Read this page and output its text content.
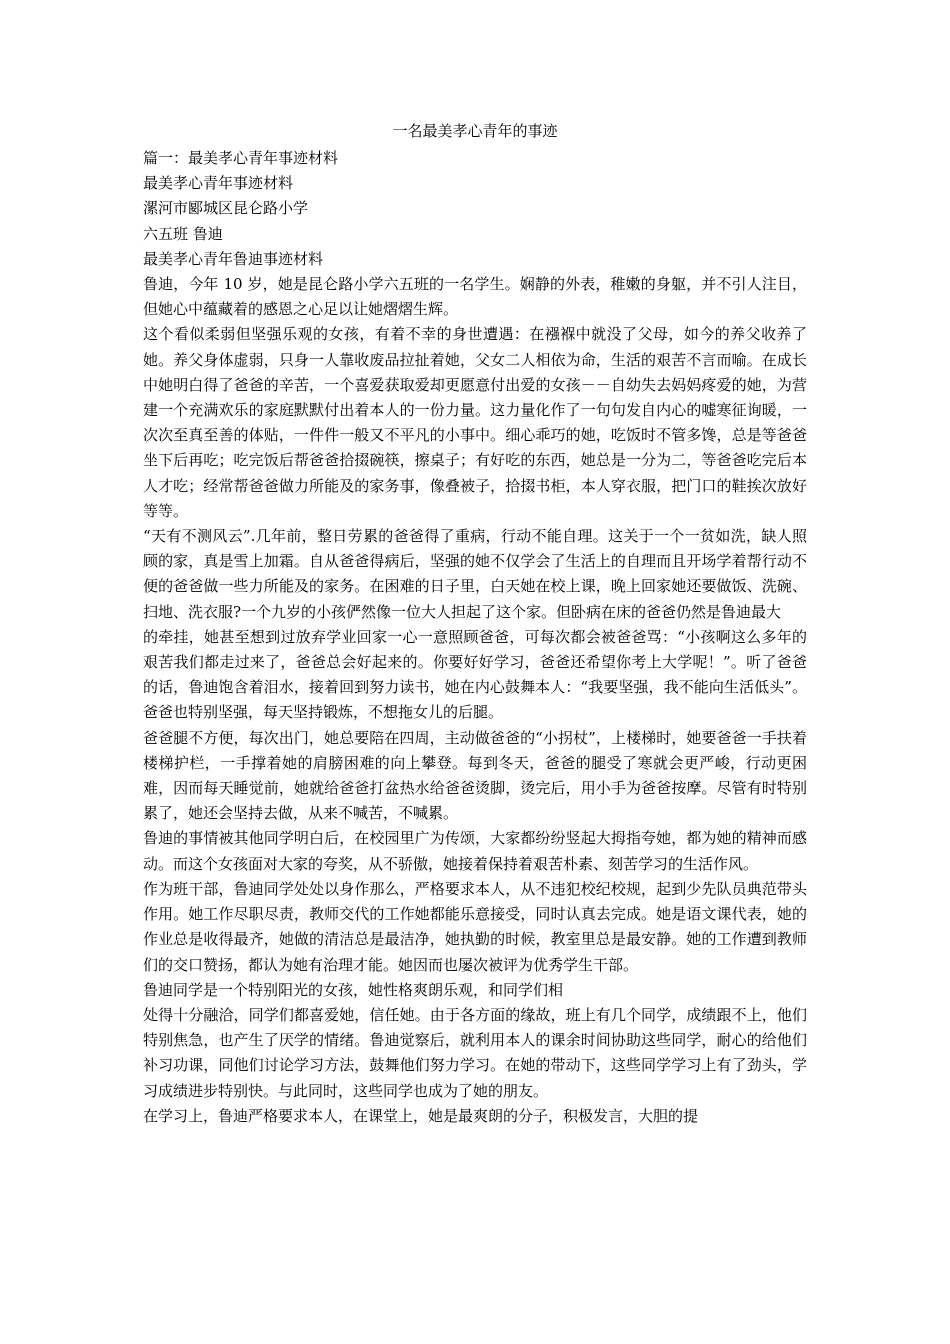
一名最美孝心青年的事迹
篇一：最美孝心青年事迹材料
最美孝心青年事迹材料
漯河市郾城区昆仑路小学
六五班 鲁迪
最美孝心青年鲁迪事迹材料

鲁迪，今年 10 岁，她是昆仑路小学六五班的一名学生。娴静的外表，稚嫩的身躯，并不引人注目，但她心中蕴藏着的感恩之心足以让她熠熠生辉。

这个看似柔弱但坚强乐观的女孩，有着不幸的身世遭遇：在襁褓中就没了父母，如今的养父收养了她。养父身体虚弱，只身一人靠收废品拉扯着她，父女二人相依为命，生活的艰苦不言而喻。在成长中她明白得了爸爸的辛苦，一个喜爱获取爱却更愿意付出爱的女孩－－自幼失去妈妈疼爱的她，为营建一个充满欢乐的家庭默默付出着本人的一份力量。这力量化作了一句句发自内心的嘘寒征询暖，一次次至真至善的体贴，一件件一般又不平凡的小事中。细心乖巧的她，吃饭时不管多馋，总是等爸爸坐下后再吃；吃完饭后帮爸爸拾掇碗筷，擦桌子；有好吃的东西，她总是一分为二，等爸爸吃完后本人才吃；经常帮爸爸做力所能及的家务事，像叠被子，拾掇书柜，本人穿衣服，把门口的鞋挨次放好等等。

“天有不测风云”.几年前，整日劳累的爸爸得了重病，行动不能自理。这关于一个一贫如洗，缺人照顾的家，真是雪上加霜。自从爸爸得病后，坚强的她不仅学会了生活上的自理而且开场学着帮行动不便的爸爸做一些力所能及的家务。在困难的日子里，白天她在校上课，晚上回家她还要做饭、洗碗、扫地、洗衣服?一个九岁的小孩俨然像一位大人担起了这个家。但卧病在床的爸爸仍然是鲁迪最大

的牵挂，她甚至想到过放弃学业回家一心一意照顾爸爸，可每次都会被爸爸骂：“小孩啊这么多年的艰苦我们都走过来了，爸爸总会好起来的。你要好好学习，爸爸还希望你考上大学呢！”。听了爸爸的话，鲁迪饱含着泪水，接着回到努力读书，她在内心鼓舞本人：“我要坚强，我不能向生活低头”。爸爸也特别坚强，每天坚持锻炼，不想拖女儿的后腿。

爸爸腿不方便，每次出门，她总要陪在四周，主动做爸爸的“小拐杖”，上楼梯时，她要爸爸一手扶着楼梯护栏，一手撑着她的肩膀困难的向上攀登。每到冬天，爸爸的腿受了寒就会更严峻，行动更困难，因而每天睡觉前，她就给爸爸打盆热水给爸爸烫脚，烫完后，用小手为爸爸按摩。尽管有时特别累了，她还会坚持去做，从来不喊苦，不喊累。

鲁迪的事情被其他同学明白后，在校园里广为传颂，大家都纷纷竖起大拇指夸她，都为她的精神而感动。而这个女孩面对大家的夸奖，从不骄傲，她接着保持着艰苦朴素、刻苦学习的生活作风。

作为班干部，鲁迪同学处处以身作那么，严格要求本人，从不违犯校纪校规，起到少先队员典范带头作用。她工作尽职尽责，教师交代的工作她都能乐意接受，同时认真去完成。她是语文课代表，她的作业总是收得最齐，她做的清洁总是最洁净，她执勤的时候，教室里总是最安静。她的工作遭到教师们的交口赞扬，都认为她有治理才能。她因而也屡次被评为优秀学生干部。

鲁迪同学是一个特别阳光的女孩，她性格爽朗乐观，和同学们相

处得十分融洽，同学们都喜爱她，信任她。由于各方面的缘故，班上有几个同学，成绩跟不上，他们特别焦急，也产生了厌学的情绪。鲁迪觉察后，就利用本人的课余时间协助这些同学，耐心的给他们补习功课，同他们讨论学习方法，鼓舞他们努力学习。在她的带动下，这些同学学习上有了劲头，学习成绩进步特别快。与此同时，这些同学也成为了她的朋友。

在学习上，鲁迪严格要求本人，在课堂上，她是最爽朗的分子，积极发言，大胆的提
